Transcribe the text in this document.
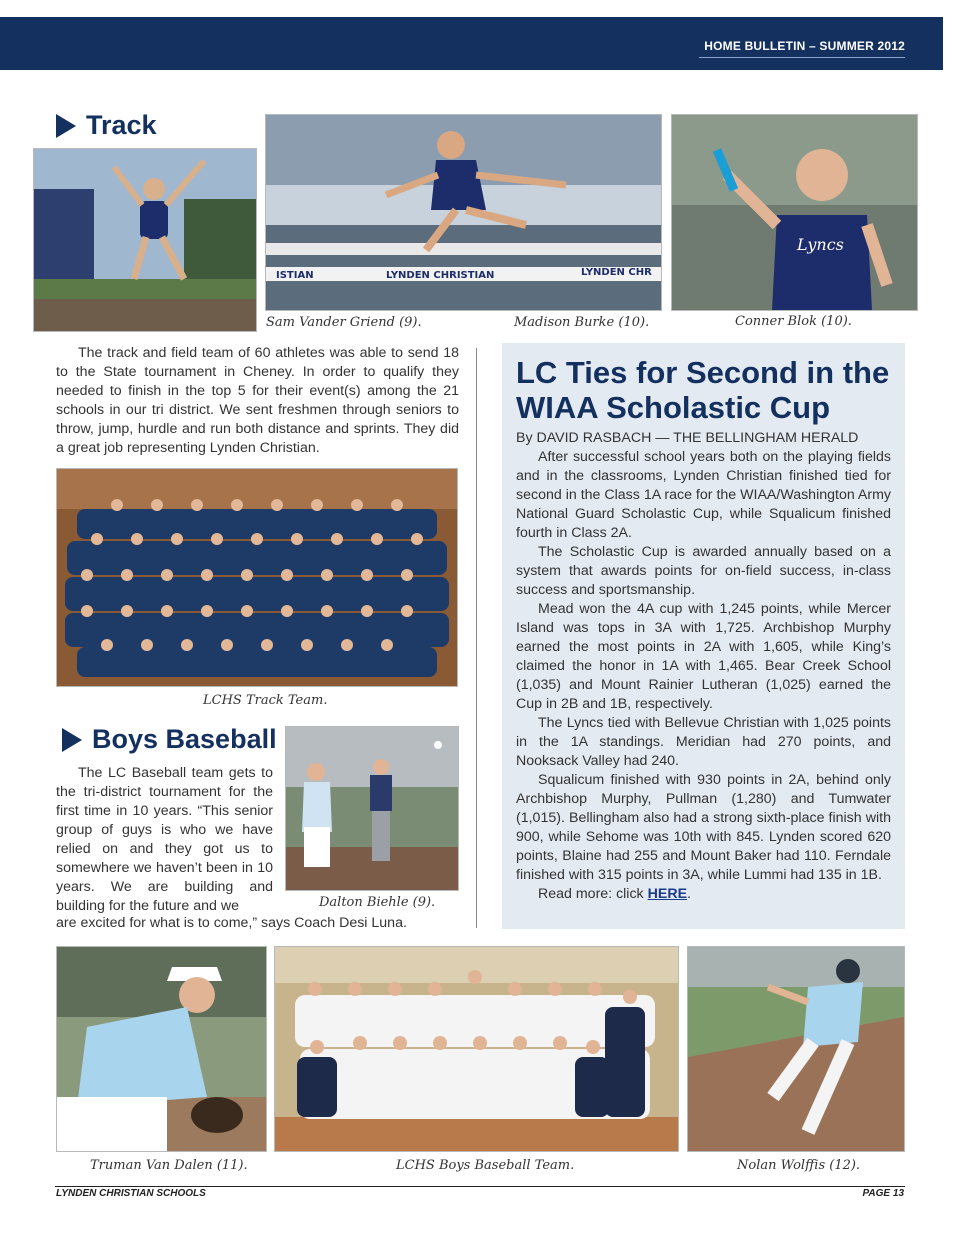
HOME BULLETIN – SUMMER 2012
Track
ISTIAN	LYNDEN CHRISTIAN	LYNDEN CHR
Lyncs
Sam Vander Griend (9).	Madison Burke (10).	Conner Blok (10).

The track and field team of 60 athletes was able to send 18 to the State tournament in Cheney. In order to qualify they needed to finish in the top 5 for their event(s) among the 21 schools in our tri district. We sent freshmen through seniors to throw, jump, hurdle and run both distance and sprints. They did a great job representing Lynden Christian.

LCHS Track Team.
Boys Baseball

The LC Baseball team gets to the tri-district tournament for the first time in 10 years. “This senior group of guys is who we have relied on and they got us to somewhere we haven’t been in 10 years. We are building and building for the future and we

are excited for what is to come,” says Coach Desi Luna.
Dalton Biehle (9).
LC Ties for Second in the
WIAA Scholastic Cup

By DAVID RASBACH — THE BELLINGHAM HERALD

After successful school years both on the playing fields and in the classrooms, Lynden Christian finished tied for second in the Class 1A race for the WIAA/Washington Army National Guard Scholastic Cup, while Squalicum finished fourth in Class 2A.

The Scholastic Cup is awarded annually based on a system that awards points for on-field success, in-class success and sportsmanship.

Mead won the 4A cup with 1,245 points, while Mercer Island was tops in 3A with 1,725. Archbishop Murphy earned the most points in 2A with 1,605, while King’s claimed the honor in 1A with 1,465. Bear Creek School (1,035) and Mount Rainier Lutheran (1,025) earned the Cup in 2B and 1B, respectively.

The Lyncs tied with Bellevue Christian with 1,025 points in the 1A standings. Meridian had 270 points, and Nooksack Valley had 240.

Squalicum finished with 930 points in 2A, behind only Archbishop Murphy, Pullman (1,280) and Tumwater (1,015). Bellingham also had a strong sixth-place finish with 900, while Sehome was 10th with 845. Lynden scored 620 points, Blaine had 255 and Mount Baker had 110. Ferndale finished with 315 points in 3A, while Lummi had 135 in 1B.

Read more: click HERE.

Truman Van Dalen (11).	LCHS Boys Baseball Team.	Nolan Wolffis (12).
LYNDEN CHRISTIAN SCHOOLS	PAGE 13
